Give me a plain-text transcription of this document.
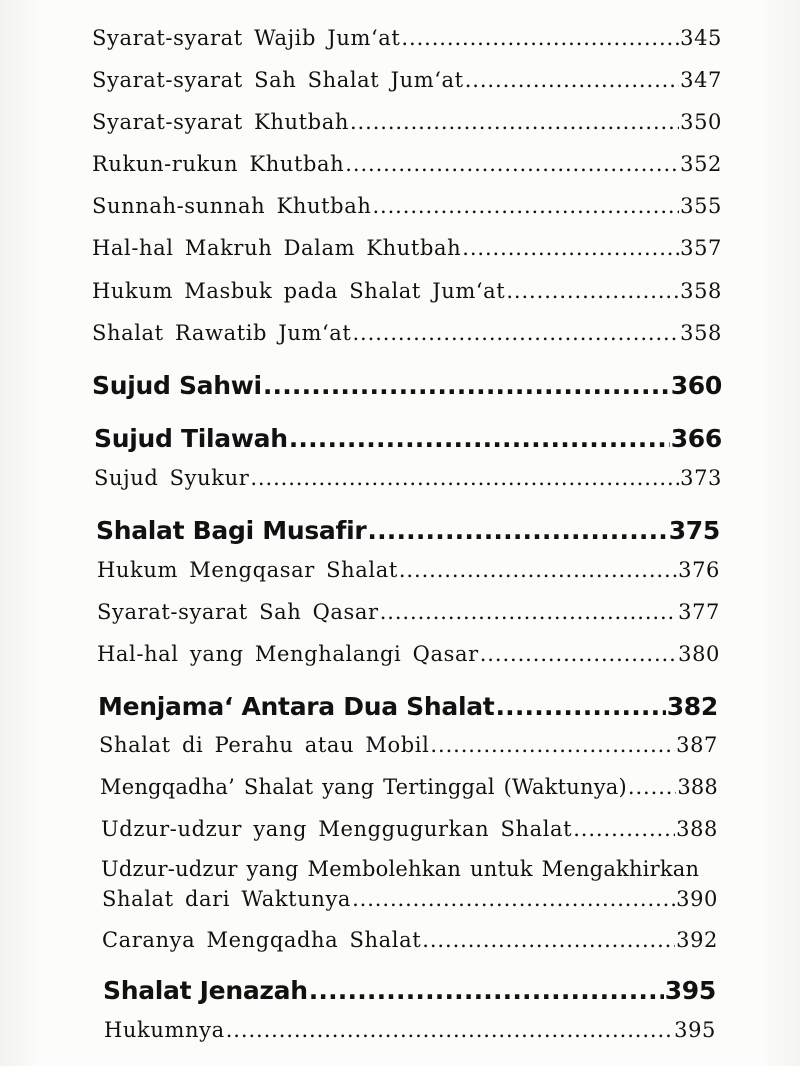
Syarat-syarat Wajib Jum‘at .....	345
Syarat-syarat Sah Shalat Jum‘at .....	347
Syarat-syarat Khutbah .....	350
Rukun-rukun Khutbah .....	352
Sunnah-sunnah Khutbah .....	355
Hal-hal Makruh Dalam Khutbah .....	357
Hukum Masbuk pada Shalat Jum‘at .....	358
Shalat Rawatib Jum‘at .....	358
Sujud Sahwi .....	360
Sujud Tilawah .....	366
Sujud Syukur .....	373
Shalat Bagi Musafir .....	375
Hukum Mengqasar Shalat .....	376
Syarat-syarat Sah Qasar .....	377
Hal-hal yang Menghalangi Qasar .....	380
Menjama‘ Antara Dua Shalat .....	382
Shalat di Perahu atau Mobil .....	387
Mengqadha’ Shalat yang Tertinggal (Waktunya) ..... 388
Udzur-udzur yang Menggugurkan Shalat .....	388
Udzur-udzur yang Membolehkan untuk Mengakhirkan
Shalat dari Waktunya .....	390
Caranya Mengqadha Shalat .....	392
Shalat Jenazah .....	395
Hukumnya .....	395
